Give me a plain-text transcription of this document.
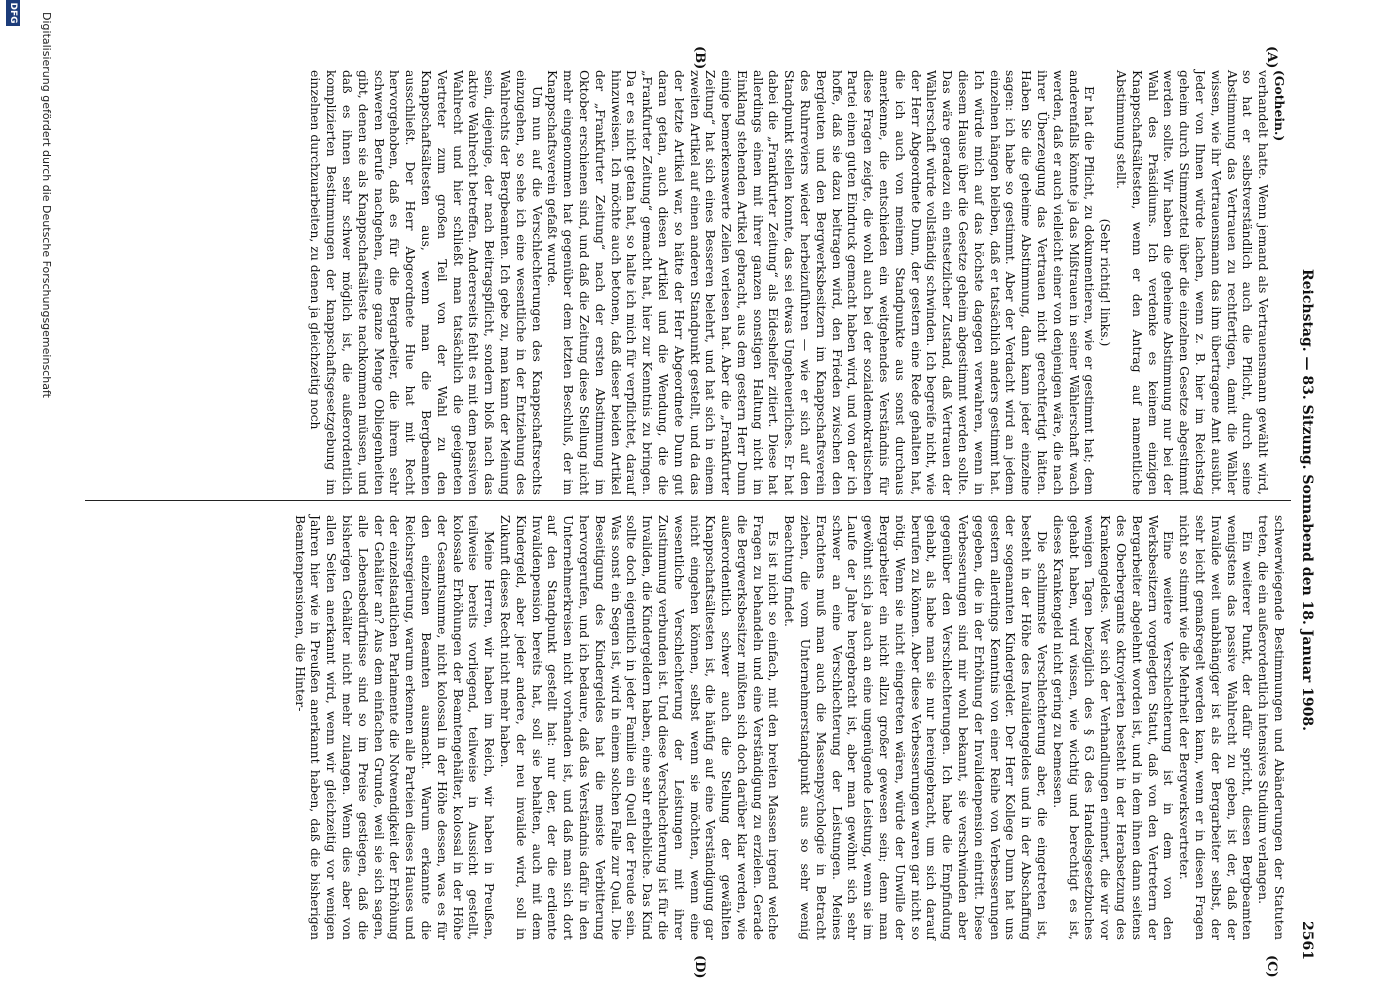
Reichstag. — 83. Sitzung. Sonnabend den 18. Januar 1908.
2561
(A)
(B)
(C)
(D)

(Gothein.)

verhandelt hatte. Wenn jemand als Vertrauensmann gewählt wird, so hat er selbstverständlich auch die Pflicht, durch seine Abstimmung das Vertrauen zu rechtfertigen, damit die Wähler wissen, wie ihr Vertrauensmann das ihm übertragene Amt ausübt. Jeder von Ihnen würde lachen, wenn z. B. hier im Reichstag geheim durch Stimmzettel über die einzelnen Gesetze abgestimmt werden sollte. Wir haben die geheime Abstimmung nur bei der Wahl des Präsidiums. Ich verdenke es keinem einzigen Knappschaftsältesten, wenn er den Antrag auf namentliche Abstimmung stellt.

(Sehr richtig! links.)

Er hat die Pflicht, zu dokumentieren, wie er gestimmt hat; dem anderenfalls könnte ja das Mißtrauen in seiner Wählerschaft wach werden, daß er auch vielleicht einer von denjenigen wäre, die nach ihrer Überzeugung das Vertrauen nicht gerechtfertigt hätten. Haben Sie die geheime Abstimmung, dann kann jeder einzelne sagen: ich habe so gestimmt. Aber der Verdacht wird an jedem einzelnen hängen bleiben, daß er tatsächlich anders gestimmt hat. Ich würde mich auf das höchste dagegen verwahren, wenn in diesem Hause über die Gesetze geheim abgestimmt werden sollte. Das wäre geradezu ein entsetzlicher Zustand, daß Vertrauen der Wählerschaft würde vollständig schwinden. Ich begreife nicht, wie der Herr Abgeordnete Dunn, der gestern eine Rede gehalten hat, die ich auch von meinem Standpunkte aus sonst durchaus anerkenne, die entschieden ein weitgehendes Verständnis für diese Fragen zeigte, die wohl auch bei der sozialdemokratischen Partei einen guten Eindruck gemacht haben wird, und von der ich hoffe, daß sie dazu beitragen wird, den Frieden zwischen den Bergleuten und den Bergwerksbesitzern im Knappschaftsverein des Ruhrreviers wieder herbeizuführen — wie er sich auf den Standpunkt stellen konnte, das sei etwas Ungeheuerliches. Er hat dabei die „Frankfurter Zeitung“ als Eideshelfer zitiert. Diese hat allerdings einen mit ihrer ganzen sonstigen Haltung nicht im Einklang stehenden Artikel gebracht, aus dem gestern Herr Dunn einige bemerkenswerte Zeilen verlesen hat. Aber die „Frankfurter Zeitung“ hat sich eines Besseren belehrt, und hat sich in einem zweiten Artikel auf einen anderen Standpunkt gestellt, und da das der letzte Artikel war, so hätte der Herr Abgeordnete Dunn gut daran getan, auch diesen Artikel und die Wendung, die die „Frankfurter Zeitung“ gemacht hat, hier zur Kenntnis zu bringen. Da er es nicht getan hat, so halte ich mich für verpflichtet, darauf hinzuweisen. Ich möchte auch betonen, daß dieser beiden Artikel der „Frankfurter Zeitung“ nach der ersten Abstimmung im Oktober erschienen sind, und daß die Zeitung diese Stellung nicht mehr eingenommen hat gegenüber dem letzten Beschluß, der im Knappschaftsverein gefaßt wurde.

Um nun auf die Verschlechterungen des Knappschaftsrechts einzugehen, so sehe ich eine wesentliche in der Entziehung des Wahlrechts der Bergbeamten. Ich gebe zu, man kann der Meinung sein, diejenige, der nach Beitragspflicht, sondern bloß nach das aktive Wahlrecht betreffen. Andererseits fehlt es mit dem passiven Wahlrecht und hier schließt man tatsächlich die geeigneten Vertreter zum großen Teil von der Wahl zu den Knappschaftsältesten aus, wenn man die Bergbeamten ausschließt. Der Herr Abgeordnete Hue hat mit Recht hervorgehoben, daß es für die Bergarbeiter, die ihrem sehr schweren Berufe nachgehen, eine ganze Menge Obliegenheiten gibt, denen sie als Knappschaftsälteste nachkommen müssen, und daß es ihnen sehr schwer möglich ist, die außerordentlich komplizierten Bestimmungen der knappschaftsgesetzgebung im einzelnen durchzuarbeiten, zu denen ja gleichzeitig noch

schwerwiegende Bestimmungen und Abänderungen der Statuten treten, die ein außerordentlich intensives Studium verlangen.

Ein weiterer Punkt, der dafür spricht, diesen Bergbeamten wenigstens das passive Wahlrecht zu geben, ist der, daß der Invalide weit unabhängiger ist als der Bergarbeiter selbst, der sehr leicht gemaßregelt werden kann, wenn er in diesen Fragen nicht so stimmt wie die Mehrheit der Bergwerksvertreter.

Eine weitere Verschlechterung ist in dem von den Werksbesitzern vorgelegten Statut, daß von den Vertretern der Bergarbeiter abgelehnt worden ist, und in dem ihnen dann seitens des Oberbergamts oktroyierten besteht in der Herabsetzung des Krankengeldes. Wer sich der Verhandlungen erinnert, die wir vor wenigen Tagen bezüglich des § 63 des Handelsgesetzbuches gehabt haben, wird wissen, wie wichtig und berechtigt es ist, dieses Krankengeld nicht gering zu bemessen.

Die schlimmste Verschlechterung aber, die eingetreten ist, besteht in der Höhe des Invalidengeldes und in der Abschaffung der sogenannten Kindergelder. Der Herr Kollege Dunn hat uns gestern allerdings Kenntnis von einer Reihe von Verbesserungen gegeben, die in der Erhöhung der Invalidenpension eintritt. Diese Verbesserungen sind mir wohl bekannt, sie verschwinden aber gegenüber den Verschlechterungen. Ich habe die Empfindung gehabt, als habe man sie nur hereingebracht, um sich darauf berufen zu können. Aber diese Verbesserungen waren gar nicht so nötig. Wenn sie nicht eingetreten wären, würde der Unwille der Bergarbeiter ein nicht allzu großer gewesen sein; denn man gewöhnt sich ja auch an eine ungenügende Leistung, wenn sie im Laufe der Jahre hergebracht ist, aber man gewöhnt sich sehr schwer an eine Verschlechterung der Leistungen. Meines Erachtens muß man auch die Massenpsychologie in Betracht ziehen, die vom Unternehmerstandpunkt aus so sehr wenig Beachtung findet.

Es ist nicht so einfach, mit den breiten Massen irgend welche Fragen zu behandeln und eine Verständigung zu erzielen. Gerade die Bergwerksbesitzer müßten sich doch darüber klar werden, wie außerordentlich schwer auch die Stellung der gewählten Knappschaftsältesten ist, die häufig auf eine Verständigung gar nicht eingehen können, selbst wenn sie möchten, wenn eine wesentliche Verschlechterung der Leistungen mit ihrer Zustimmung verbunden ist. Und diese Verschlechterung ist für die Invaliden, die Kindergeldern haben, eine sehr erhebliche. Das Kind sollte doch eigentlich in jeder Familie ein Quell der Freude sein. Was sonst ein Segen ist, wird in einem solchen Falle zur Qual. Die Beseitigung des Kindergeldes hat die meiste Verbitterung hervorgerufen, und ich bedaure, daß das Verständnis dafür in den Unternehmerkreisen nicht vorhanden ist, und daß man sich dort auf den Standpunkt gestellt hat: nur der, der die erdiente Invalidenpension bereits hat, soll sie behalten, auch mit dem Kindergeld, aber jeder andere, der neu invalide wird, soll in Zukunft dieses Recht nicht mehr haben.

Meine Herren, wir haben im Reich, wir haben in Preußen, teilweise bereits vorliegend, teilweise in Aussicht gestellt, kolossale Erhöhungen der Beamtengehälter, kolossal in der Höhe der Gesamtsumme, nicht kolossal in der Höhe dessen, was es für den einzelnen Beamten ausmacht. Warum erkannte die Reichsregierung, warum erkennen alle Parteien dieses Hauses und der einzelstaatlichen Parlamente die Notwendigkeit der Erhöhung der Gehälter an? Aus dem einfachen Grunde, weil sie sich sagen, alle Lebensbedürfnisse sind so im Preise gestiegen, daß die bisherigen Gehälter nicht mehr zulangen. Wenn dies aber von allen Seiten anerkannt wird, wenn wir gleichzeitig vor wenigen Jahren hier wie in Preußen anerkannt haben, daß die bisherigen Beamtenpensionen, die Hinter-

Digitalisierung gefördert durch die Deutsche Forschungsgemeinschaft
DFG
